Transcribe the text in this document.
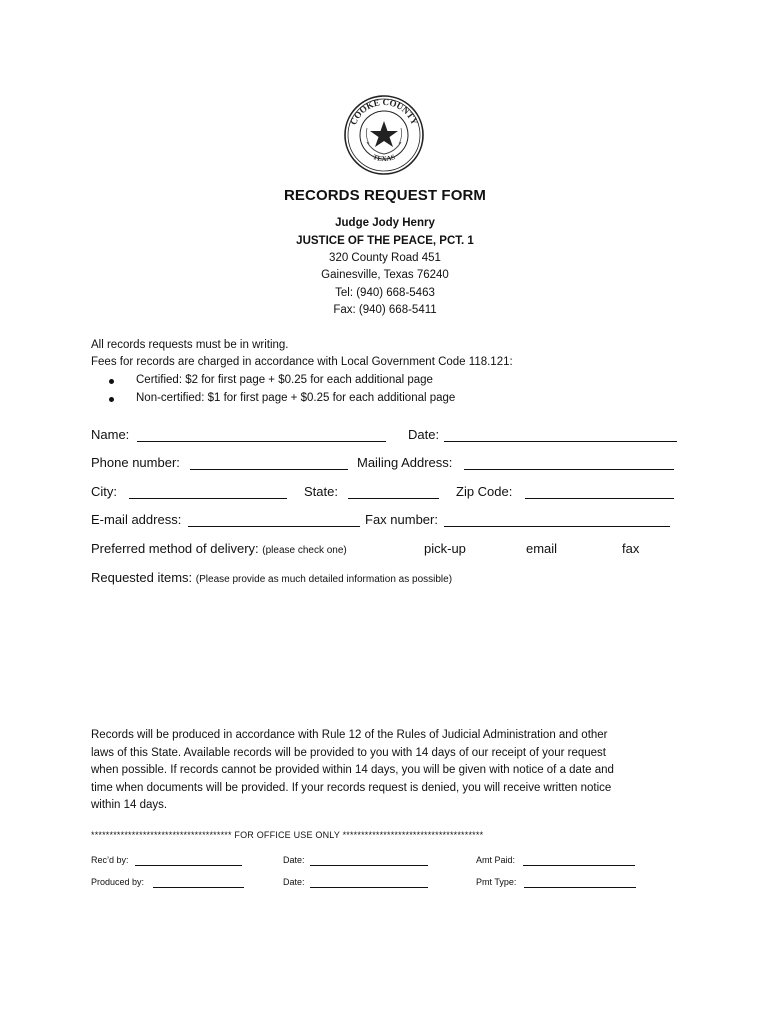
COOKE COUNTY
TEXAS
RECORDS REQUEST FORM
Judge Jody Henry
JUSTICE OF THE PEACE, PCT. 1
320 County Road 451
Gainesville, Texas 76240
Tel: (940) 668-5463
Fax: (940) 668-5411
All records requests must be in writing.
Fees for records are charged in accordance with Local Government Code 118.121:
Certified: $2 for first page + $0.25 for each additional page
Non-certified: $1 for first page + $0.25 for each additional page
Name:	Date:
Phone number:	Mailing Address:
City:	State:	Zip Code:
E-mail address:	Fax number:
Preferred method of delivery: (please check one)	pick-up	email	fax
Requested items: (Please provide as much detailed information as possible)
Records will be produced in accordance with Rule 12 of the Rules of Judicial Administration and other
laws of this State. Available records will be provided to you with 14 days of our receipt of your request
when possible. If records cannot be provided within 14 days, you will be given with notice of a date and
time when documents will be provided. If your records request is denied, you will receive written notice
within 14 days.
************************************** FOR OFFICE USE ONLY **************************************
Rec’d by:	Date:	Amt Paid:
Produced by:	Date:	Pmt Type:
